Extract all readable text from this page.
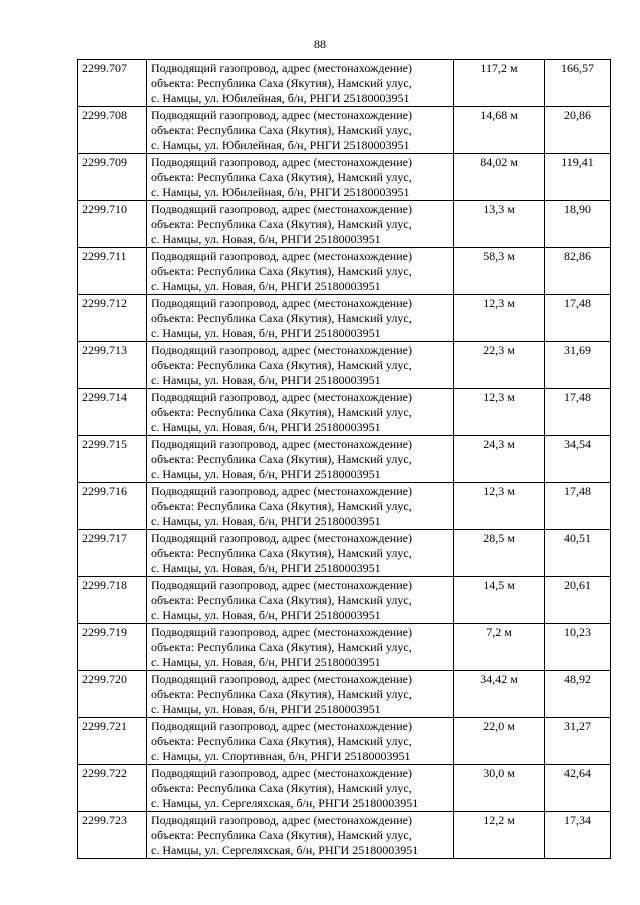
88
2299.707	Подводящий газопровод, адрес (местонахождение)
объекта: Республика Саха (Якутия), Намский улус,
с. Намцы, ул. Юбилейная, б/н, РНГИ 25180003951	117,2 м	166,57
2299.708	Подводящий газопровод, адрес (местонахождение)
объекта: Республика Саха (Якутия), Намский улус,
с. Намцы, ул. Юбилейная, б/н, РНГИ 25180003951	14,68 м	20,86
2299.709	Подводящий газопровод, адрес (местонахождение)
объекта: Республика Саха (Якутия), Намский улус,
с. Намцы, ул. Юбилейная, б/н, РНГИ 25180003951	84,02 м	119,41
2299.710	Подводящий газопровод, адрес (местонахождение)
объекта: Республика Саха (Якутия), Намский улус,
с. Намцы, ул. Новая, б/н, РНГИ 25180003951	13,3 м	18,90
2299.711	Подводящий газопровод, адрес (местонахождение)
объекта: Республика Саха (Якутия), Намский улус,
с. Намцы, ул. Новая, б/н, РНГИ 25180003951	58,3 м	82,86
2299.712	Подводящий газопровод, адрес (местонахождение)
объекта: Республика Саха (Якутия), Намский улус,
с. Намцы, ул. Новая, б/н, РНГИ 25180003951	12,3 м	17,48
2299.713	Подводящий газопровод, адрес (местонахождение)
объекта: Республика Саха (Якутия), Намский улус,
с. Намцы, ул. Новая, б/н, РНГИ 25180003951	22,3 м	31,69
2299.714	Подводящий газопровод, адрес (местонахождение)
объекта: Республика Саха (Якутия), Намский улус,
с. Намцы, ул. Новая, б/н, РНГИ 25180003951	12,3 м	17,48
2299.715	Подводящий газопровод, адрес (местонахождение)
объекта: Республика Саха (Якутия), Намский улус,
с. Намцы, ул. Новая, б/н, РНГИ 25180003951	24,3 м	34,54
2299.716	Подводящий газопровод, адрес (местонахождение)
объекта: Республика Саха (Якутия), Намский улус,
с. Намцы, ул. Новая, б/н, РНГИ 25180003951	12,3 м	17,48
2299.717	Подводящий газопровод, адрес (местонахождение)
объекта: Республика Саха (Якутия), Намский улус,
с. Намцы, ул. Новая, б/н, РНГИ 25180003951	28,5 м	40,51
2299.718	Подводящий газопровод, адрес (местонахождение)
объекта: Республика Саха (Якутия), Намский улус,
с. Намцы, ул. Новая, б/н, РНГИ 25180003951	14,5 м	20,61
2299.719	Подводящий газопровод, адрес (местонахождение)
объекта: Республика Саха (Якутия), Намский улус,
с. Намцы, ул. Новая, б/н, РНГИ 25180003951	7,2 м	10,23
2299.720	Подводящий газопровод, адрес (местонахождение)
объекта: Республика Саха (Якутия), Намский улус,
с. Намцы, ул. Новая, б/н, РНГИ 25180003951	34,42 м	48,92
2299.721	Подводящий газопровод, адрес (местонахождение)
объекта: Республика Саха (Якутия), Намский улус,
с. Намцы, ул. Спортивная, б/н, РНГИ 25180003951	22,0 м	31,27
2299.722	Подводящий газопровод, адрес (местонахождение)
объекта: Республика Саха (Якутия), Намский улус,
с. Намцы, ул. Сергеляхская, б/н, РНГИ 25180003951	30,0 м	42,64
2299.723	Подводящий газопровод, адрес (местонахождение)
объекта: Республика Саха (Якутия), Намский улус,
с. Намцы, ул. Сергеляхская, б/н, РНГИ 25180003951	12,2 м	17,34
